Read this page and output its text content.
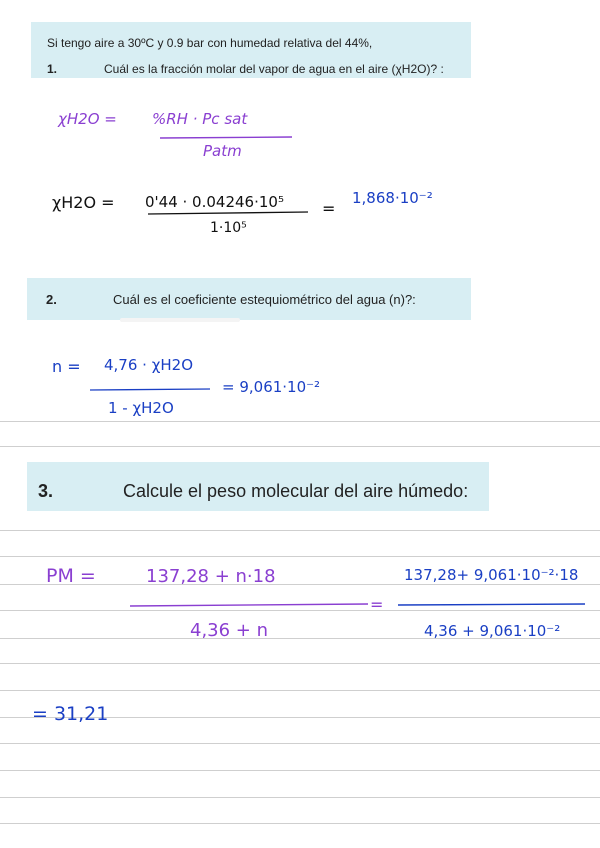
Si tengo aire a 30ºC y 0.9 bar con humedad relativa del 44%,
1.	Cuál es la fracción molar del vapor de agua en el aire (χH2O)? :
2.	Cuál es el coeficiente estequiométrico del agua (n)?:
3.	Calcule el peso molecular del aire húmedo:
χH2O = %RH · Pc sat
Patm
χH2O = 0'44 · 0.04246·10⁵
1·10⁵
=
1,868·10⁻²
n = 4,76 · χH2O
1 - χH2O
= 9,061·10⁻²
PM =	137,28 + n·18
4,36 + n
=
137,28+ 9,061·10⁻²·18
4,36 + 9,061·10⁻²
= 31,21
